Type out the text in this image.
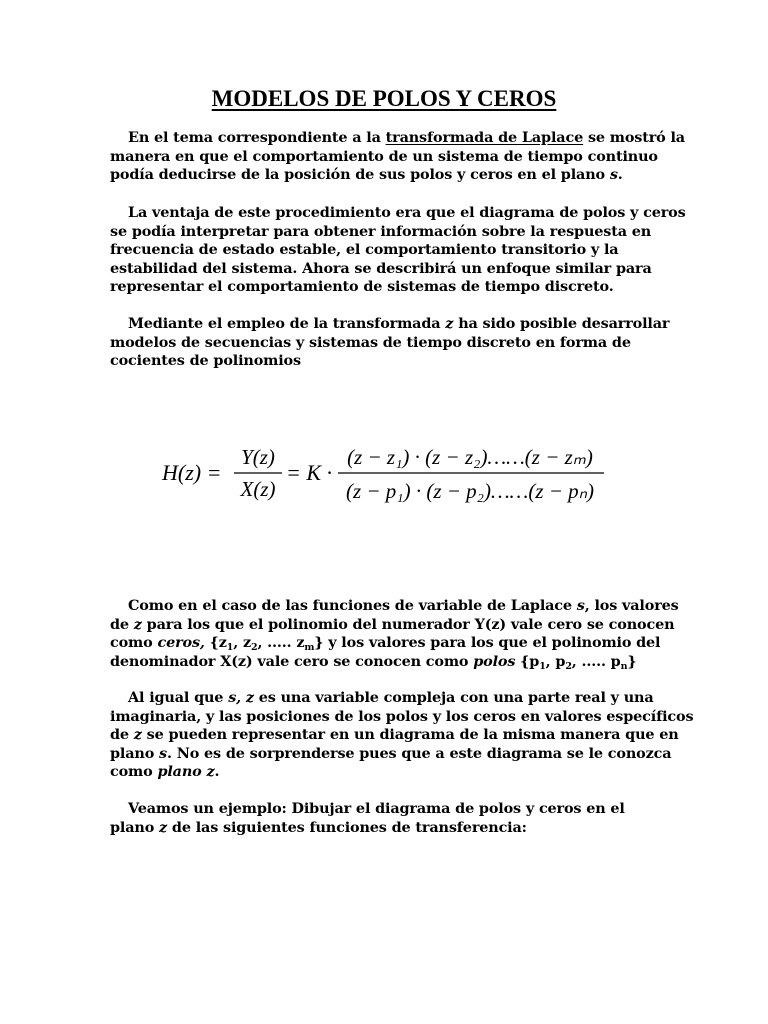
MODELOS DE POLOS Y CEROS

En el tema correspondiente a la transformada de Laplace se mostró la
manera en que el comportamiento de un sistema de tiempo continuo
podía deducirse de la posición de sus polos y ceros en el plano s.

La ventaja de este procedimiento era que el diagrama de polos y ceros
se podía interpretar para obtener información sobre la respuesta en
frecuencia de estado estable, el comportamiento transitorio y la
estabilidad del sistema. Ahora se describirá un enfoque similar para
representar el comportamiento de sistemas de tiempo discreto.

Mediante el empleo de la transformada z ha sido posible desarrollar
modelos de secuencias y sistemas de tiempo discreto en forma de
cocientes de polinomios

H(z) =
Y(z)
X(z)
= K ·
(z − z₁) · (z − z₂)……(z − zₘ)
(z − p₁) · (z − p₂)……(z − pₙ)

Como en el caso de las funciones de variable de Laplace s, los valores
de z para los que el polinomio del numerador Y(z) vale cero se conocen
como ceros, {$z_1$, $z_2$, ..... $z_m$} y los valores para los que el polinomio del
denominador X(z) vale cero se conocen como polos {$p_1$, $p_2$, ..... $p_n$}

Al igual que s, z es una variable compleja con una parte real y una
imaginaria, y las posiciones de los polos y los ceros en valores específicos
de z se pueden representar en un diagrama de la misma manera que en
plano s. No es de sorprenderse pues que a este diagrama se le conozca
como plano z.

Veamos un ejemplo: Dibujar el diagrama de polos y ceros en el
plano z de las siguientes funciones de transferencia:
